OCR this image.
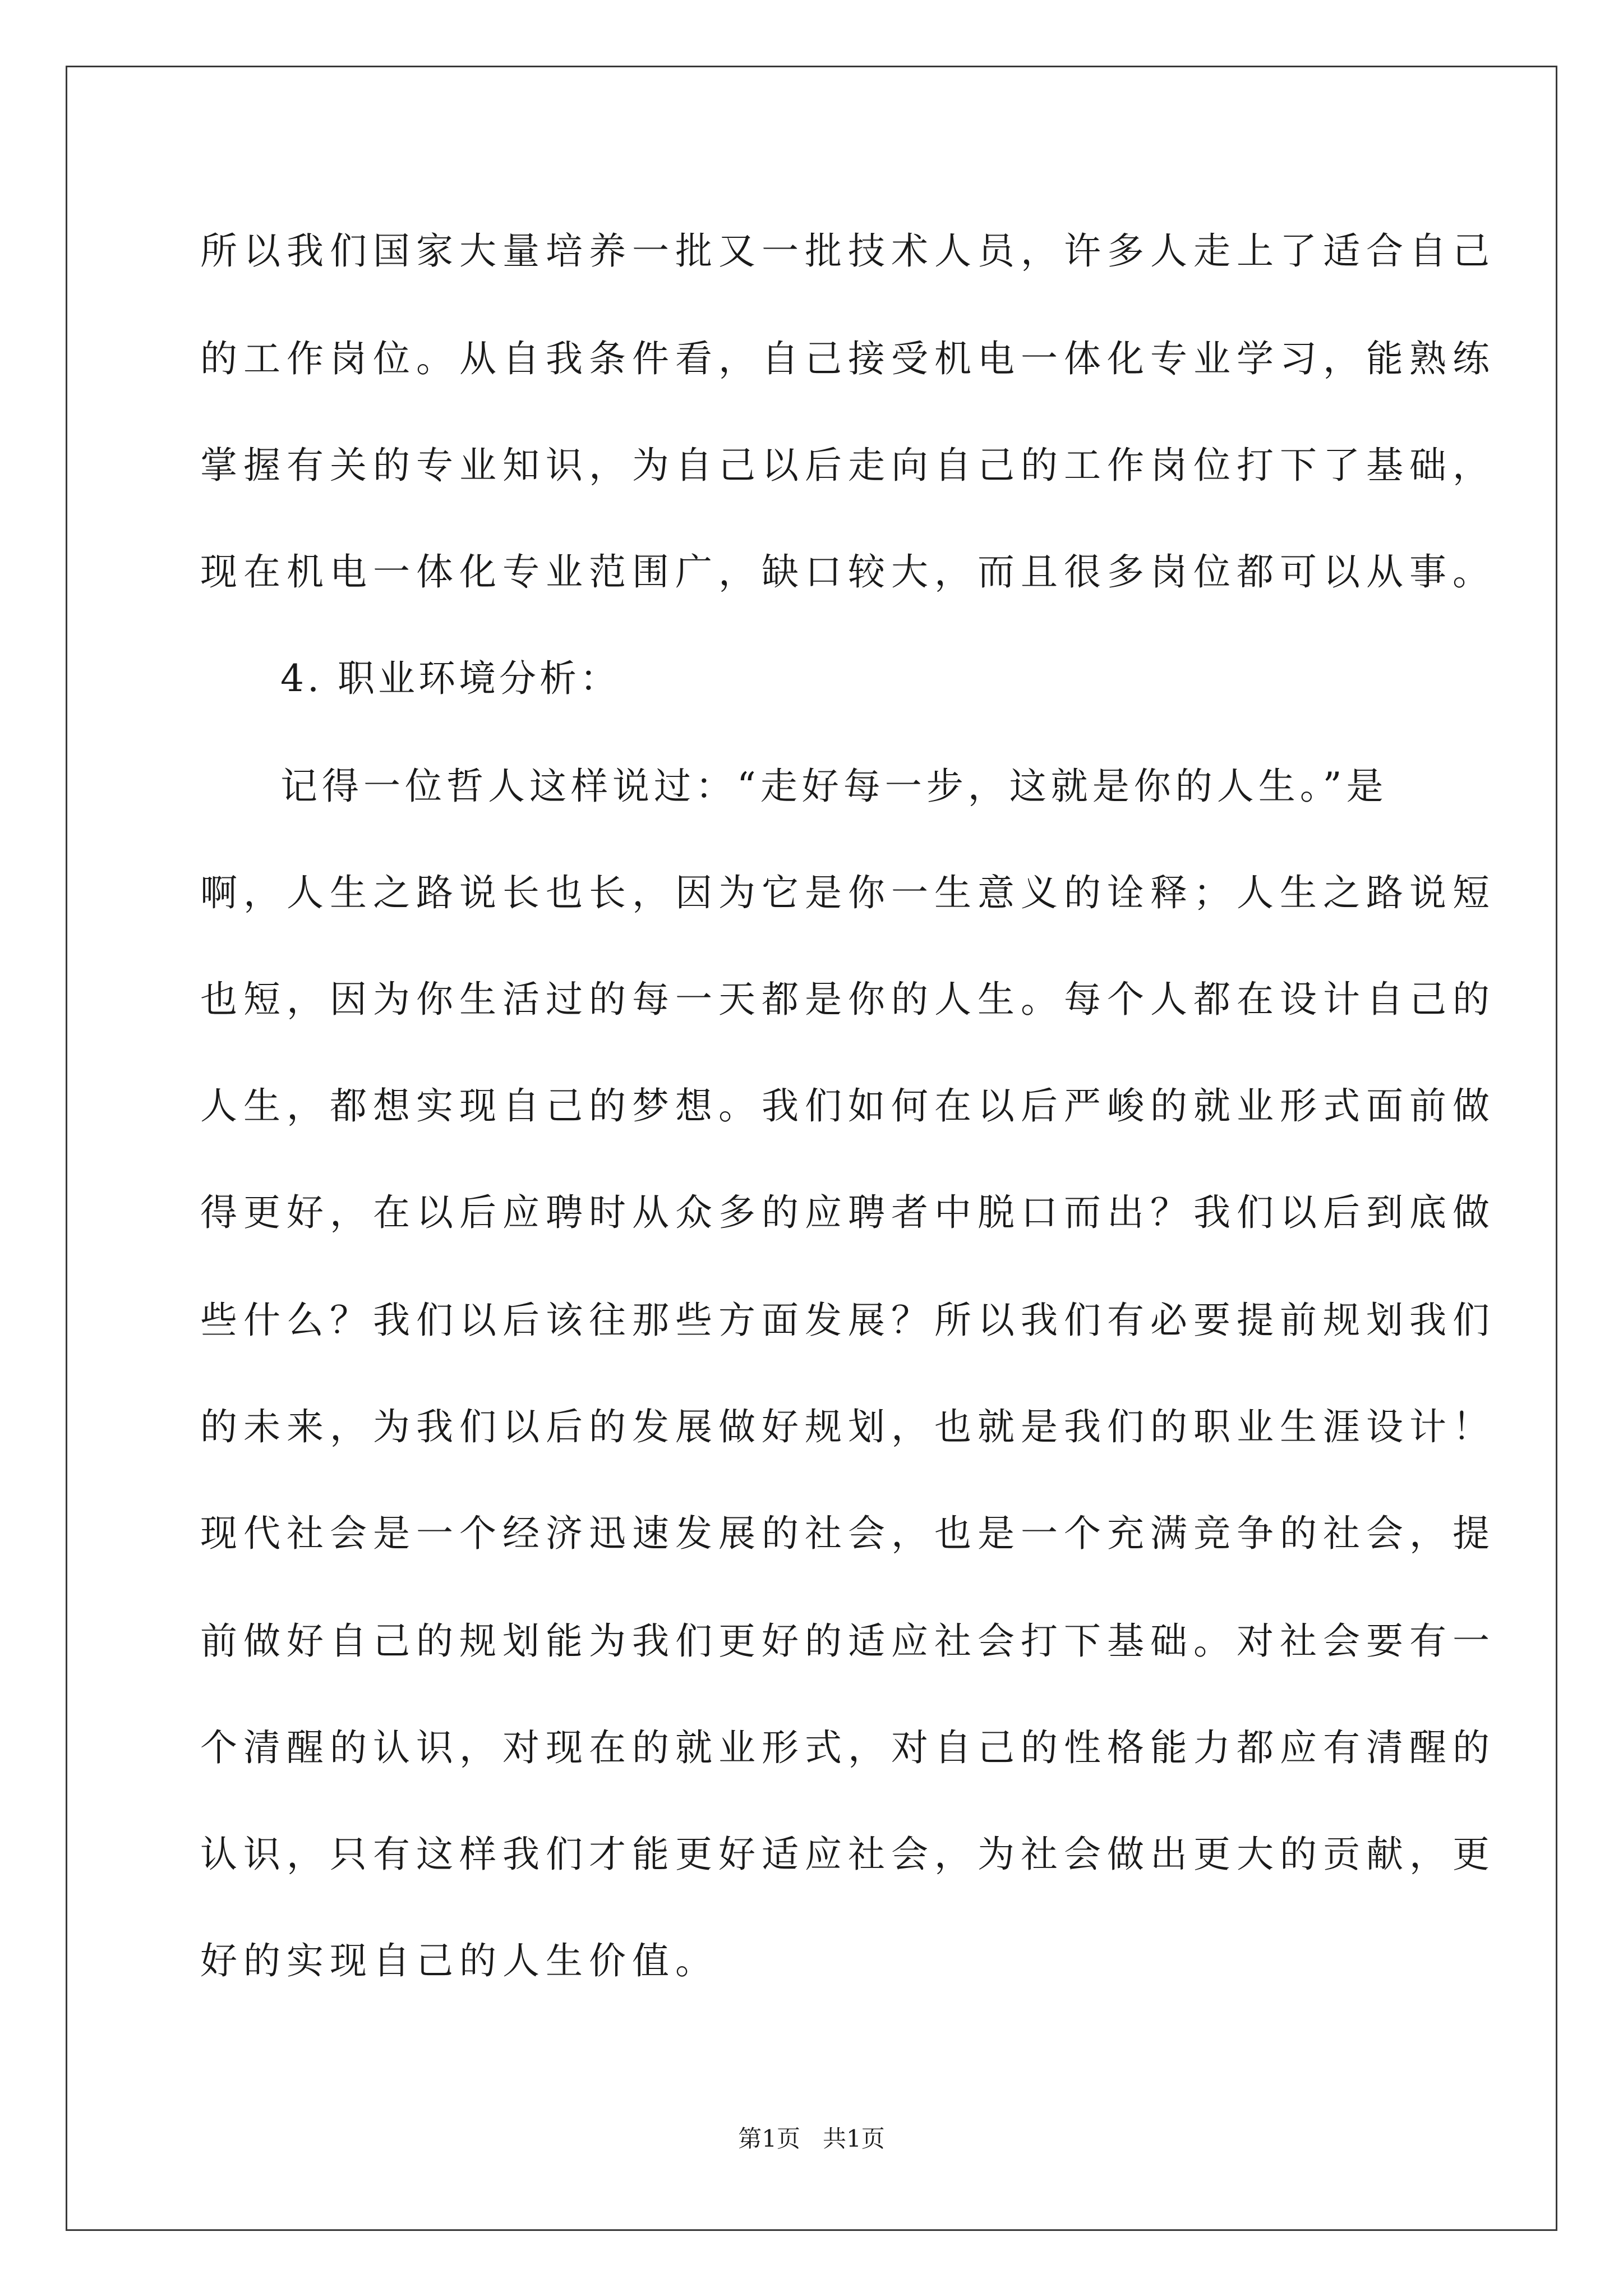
所以我们国家大量培养一批又一批技术人员，许多人走上了适合自己
的工作岗位。从自我条件看，自己接受机电一体化专业学习，能熟练
掌握有关的专业知识，为自己以后走向自己的工作岗位打下了基础，
现在机电一体化专业范围广，缺口较大，而且很多岗位都可以从事。
4. 职业环境分析：
记得一位哲人这样说过：“走好每一步，这就是你的人生。”是
啊，人生之路说长也长，因为它是你一生意义的诠释；人生之路说短
也短，因为你生活过的每一天都是你的人生。每个人都在设计自己的
人生，都想实现自己的梦想。我们如何在以后严峻的就业形式面前做
得更好，在以后应聘时从众多的应聘者中脱口而出？我们以后到底做
些什么？我们以后该往那些方面发展？所以我们有必要提前规划我们
的未来，为我们以后的发展做好规划，也就是我们的职业生涯设计！
现代社会是一个经济迅速发展的社会，也是一个充满竞争的社会，提
前做好自己的规划能为我们更好的适应社会打下基础。对社会要有一
个清醒的认识，对现在的就业形式，对自己的性格能力都应有清醒的
认识，只有这样我们才能更好适应社会，为社会做出更大的贡献，更
好的实现自己的人生价值。
第1页   共1页
